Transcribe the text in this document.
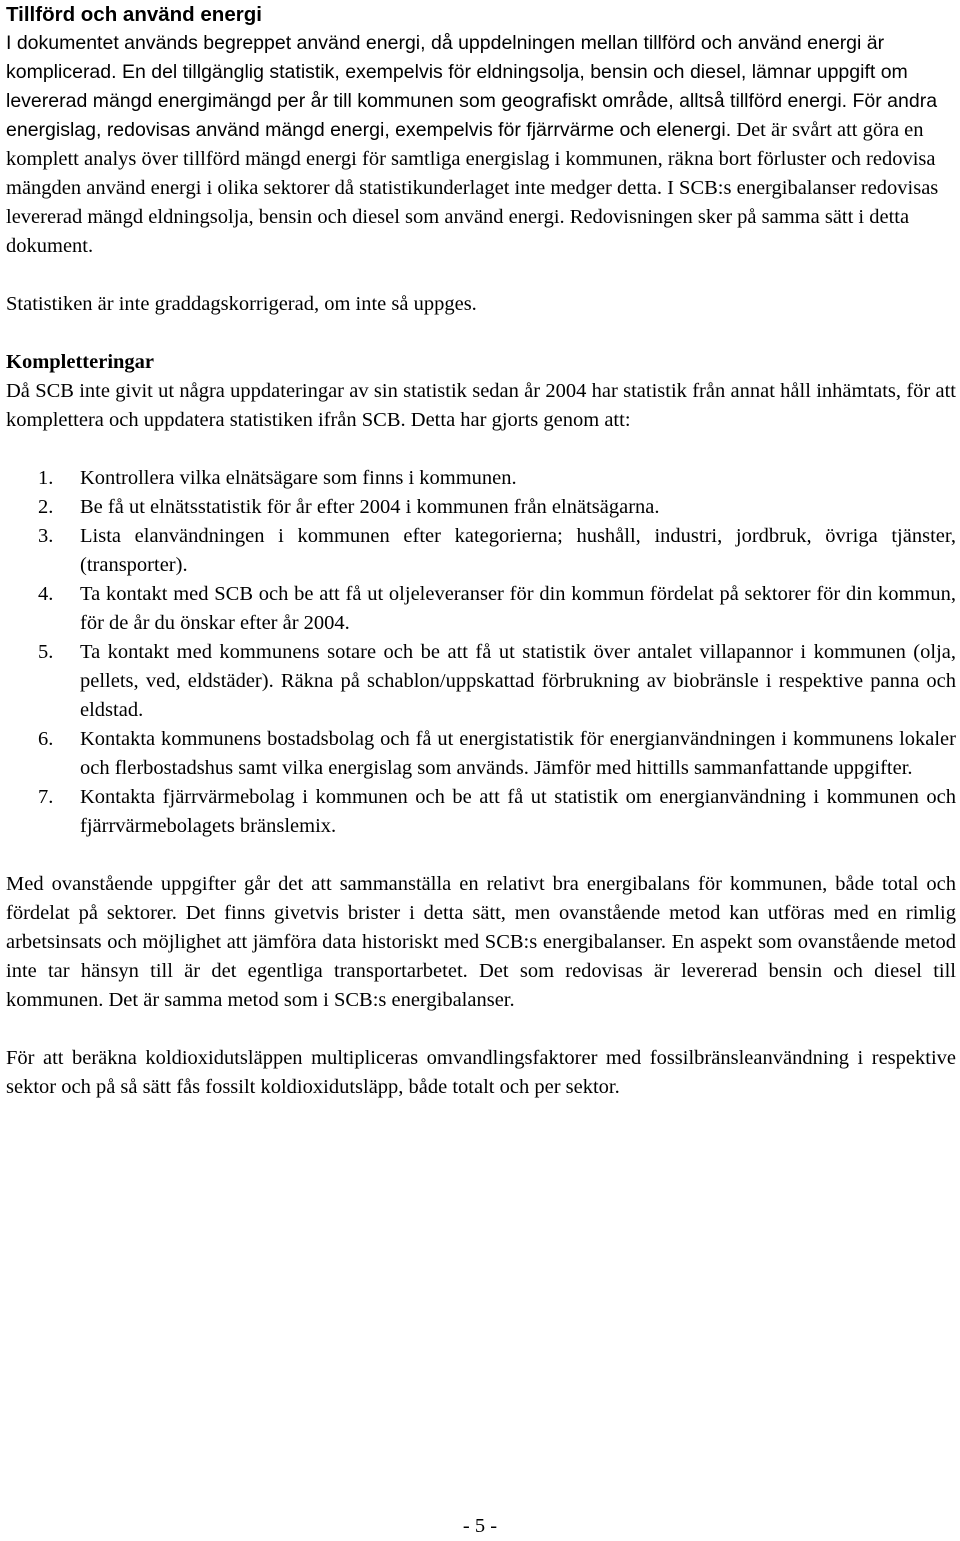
Tillförd och använd energi

I dokumentet används begreppet använd energi, då uppdelningen mellan tillförd och använd energi är komplicerad. En del tillgänglig statistik, exempelvis för eldningsolja, bensin och diesel, lämnar uppgift om levererad mängd energimängd per år till kommunen som geografiskt område, alltså tillförd energi. För andra energislag, redovisas använd mängd energi, exempelvis för fjärrvärme och elenergi. Det är svårt att göra en komplett analys över tillförd mängd energi för samtliga energislag i kommunen, räkna bort förluster och redovisa mängden använd energi i olika sektorer då statistikunderlaget inte medger detta. I SCB:s energibalanser redovisas levererad mängd eldningsolja, bensin och diesel som använd energi. Redovisningen sker på samma sätt i detta dokument.

Statistiken är inte graddagskorrigerad, om inte så uppges.

Kompletteringar

Då SCB inte givit ut några uppdateringar av sin statistik sedan år 2004 har statistik från annat håll inhämtats, för att komplettera och uppdatera statistiken ifrån SCB. Detta har gjorts genom att:

1. Kontrollera vilka elnätsägare som finns i kommunen.
2. Be få ut elnätsstatistik för år efter 2004 i kommunen från elnätsägarna.
3. Lista elanvändningen i kommunen efter kategorierna; hushåll, industri, jordbruk, övriga tjänster, (transporter).
4. Ta kontakt med SCB och be att få ut oljeleveranser för din kommun fördelat på sektorer för din kommun, för de år du önskar efter år 2004.
5. Ta kontakt med kommunens sotare och be att få ut statistik över antalet villapannor i kommunen (olja, pellets, ved, eldstäder). Räkna på schablon/uppskattad förbrukning av biobränsle i respektive panna och eldstad.
6. Kontakta kommunens bostadsbolag och få ut energistatistik för energianvändningen i kommunens lokaler och flerbostadshus samt vilka energislag som används. Jämför med hittills sammanfattande uppgifter.
7. Kontakta fjärrvärmebolag i kommunen och be att få ut statistik om energianvändning i kommunen och fjärrvärmebolagets bränslemix.

Med ovanstående uppgifter går det att sammanställa en relativt bra energibalans för kommunen, både total och fördelat på sektorer. Det finns givetvis brister i detta sätt, men ovanstående metod kan utföras med en rimlig arbetsinsats och möjlighet att jämföra data historiskt med SCB:s energibalanser. En aspekt som ovanstående metod inte tar hänsyn till är det egentliga transportarbetet. Det som redovisas är levererad bensin och diesel till kommunen. Det är samma metod som i SCB:s energibalanser.

För att beräkna koldioxidutsläppen multipliceras omvandlingsfaktorer med fossilbränsleanvändning i respektive sektor och på så sätt fås fossilt koldioxidutsläpp, både totalt och per sektor.

- 5 -
